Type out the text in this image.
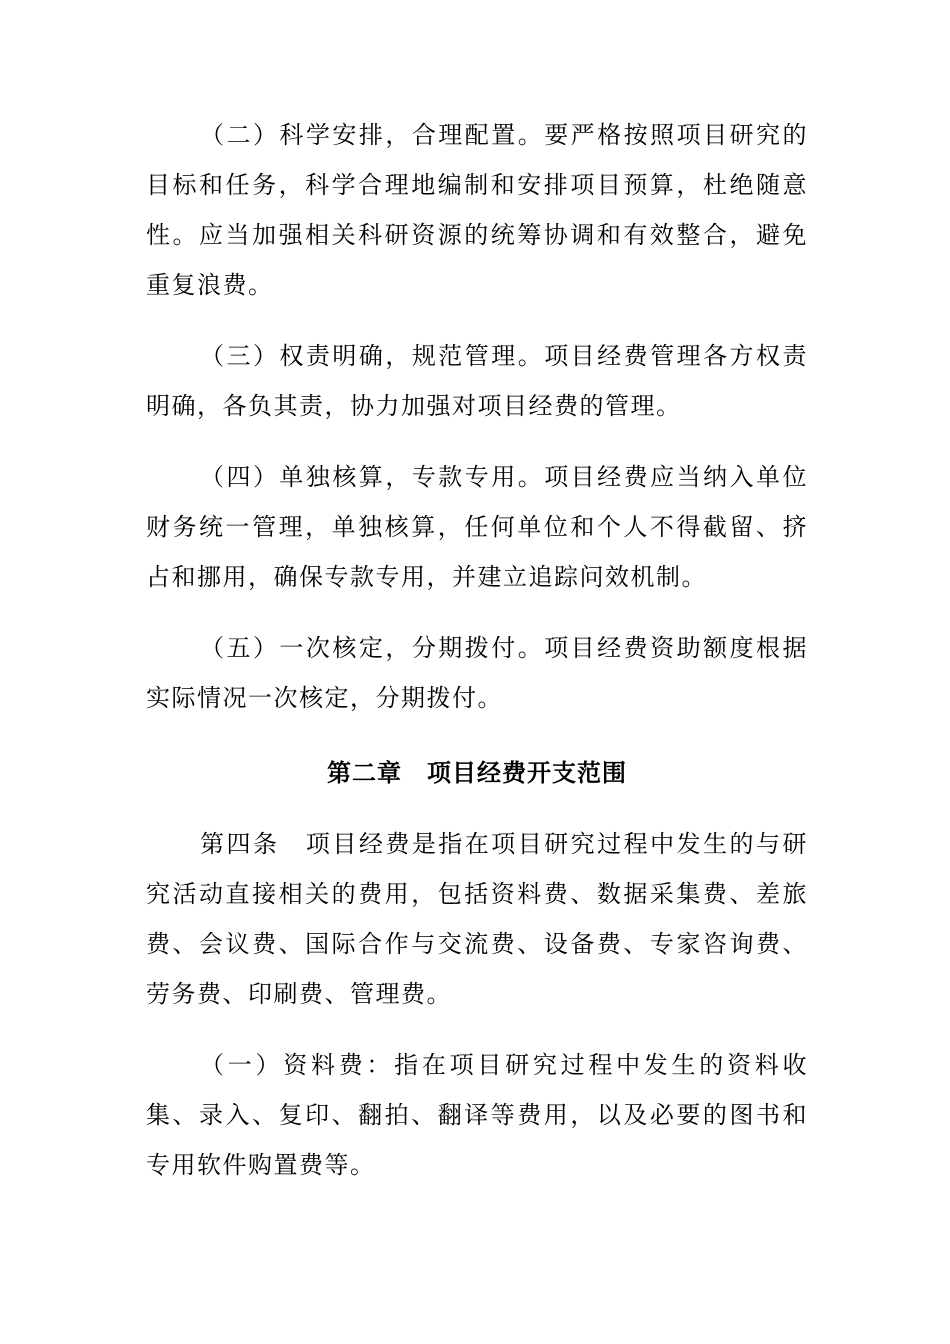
（二）科学安排，合理配置。要严格按照项目研究的目标和任务，科学合理地编制和安排项目预算，杜绝随意性。应当加强相关科研资源的统筹协调和有效整合，避免重复浪费。

（三）权责明确，规范管理。项目经费管理各方权责明确，各负其责，协力加强对项目经费的管理。

（四）单独核算，专款专用。项目经费应当纳入单位财务统一管理，单独核算，任何单位和个人不得截留、挤占和挪用，确保专款专用，并建立追踪问效机制。

（五）一次核定，分期拨付。项目经费资助额度根据实际情况一次核定，分期拨付。

第二章　项目经费开支范围

第四条　项目经费是指在项目研究过程中发生的与研究活动直接相关的费用，包括资料费、数据采集费、差旅费、会议费、国际合作与交流费、设备费、专家咨询费、劳务费、印刷费、管理费。

（一）资料费：指在项目研究过程中发生的资料收集、录入、复印、翻拍、翻译等费用，以及必要的图书和专用软件购置费等。
